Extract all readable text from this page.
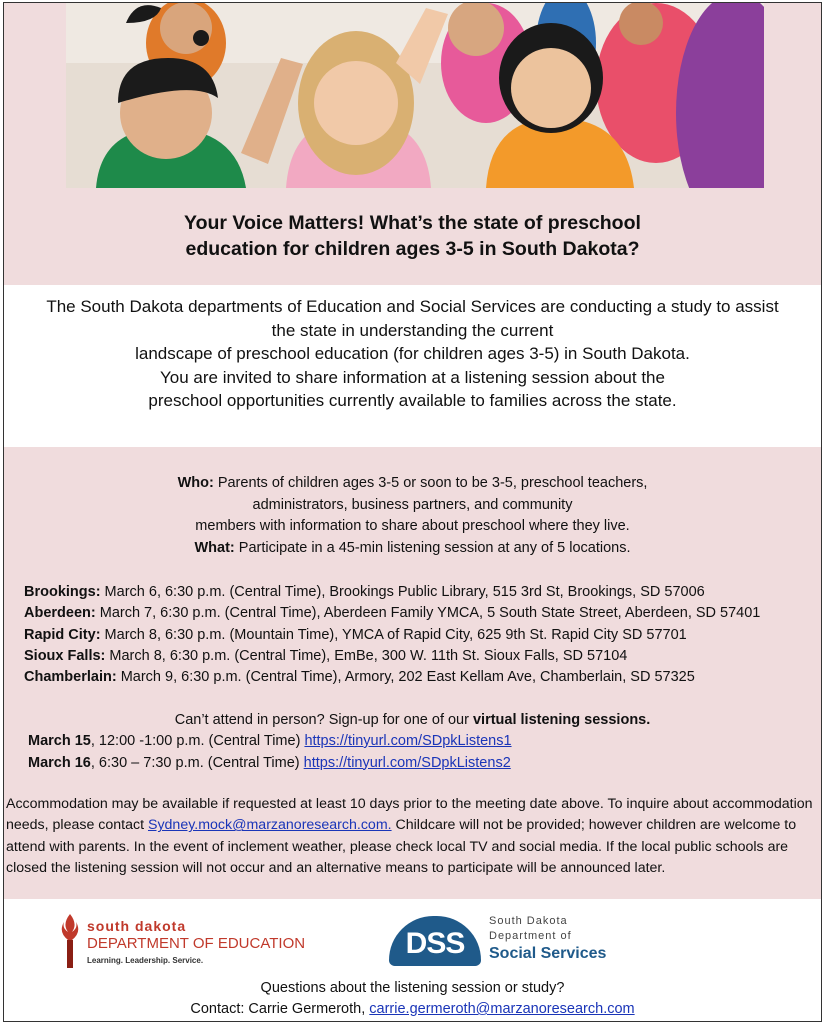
Your Voice Matters! What’s the state of preschool
education for children ages 3-5 in South Dakota?
The South Dakota departments of Education and Social Services are conducting a study to assist
the state in understanding the current
landscape of preschool education (for children ages 3-5) in South Dakota.
You are invited to share information at a listening session about the
preschool opportunities currently available to families across the state.
Who: Parents of children ages 3-5 or soon to be 3-5, preschool teachers,
administrators, business partners, and community
members with information to share about preschool where they live.
What: Participate in a 45-min listening session at any of 5 locations.
Brookings: March 6, 6:30 p.m. (Central Time), Brookings Public Library, 515 3rd St, Brookings, SD 57006
Aberdeen: March 7, 6:30 p.m. (Central Time), Aberdeen Family YMCA, 5 South State Street, Aberdeen, SD 57401
Rapid City: March 8, 6:30 p.m. (Mountain Time), YMCA of Rapid City, 625 9th St. Rapid City SD 57701
Sioux Falls: March 8, 6:30 p.m. (Central Time), EmBe, 300 W. 11th St. Sioux Falls, SD 57104
Chamberlain: March 9, 6:30 p.m. (Central Time), Armory, 202 East Kellam Ave, Chamberlain, SD 57325
Can’t attend in person? Sign-up for one of our virtual listening sessions.
March 15, 12:00 -1:00 p.m. (Central Time) https://tinyurl.com/SDpkListens1
March 16, 6:30 – 7:30 p.m. (Central Time) https://tinyurl.com/SDpkListens2
Accommodation may be available if requested at least 10 days prior to the meeting date above. To inquire about accommodation needs, please contact Sydney.mock@marzanoresearch.com. Childcare will not be provided; however children are welcome to attend with parents. In the event of inclement weather, please check local TV and social media. If the local public schools are closed the listening session will not occur and an alternative means to participate will be announced later.
south dakota
DEPARTMENT OF EDUCATION
Learning. Leadership. Service.
DSS
South Dakota
Department of
Social Services
Questions about the listening session or study?
Contact: Carrie Germeroth, carrie.germeroth@marzanoresearch.com
